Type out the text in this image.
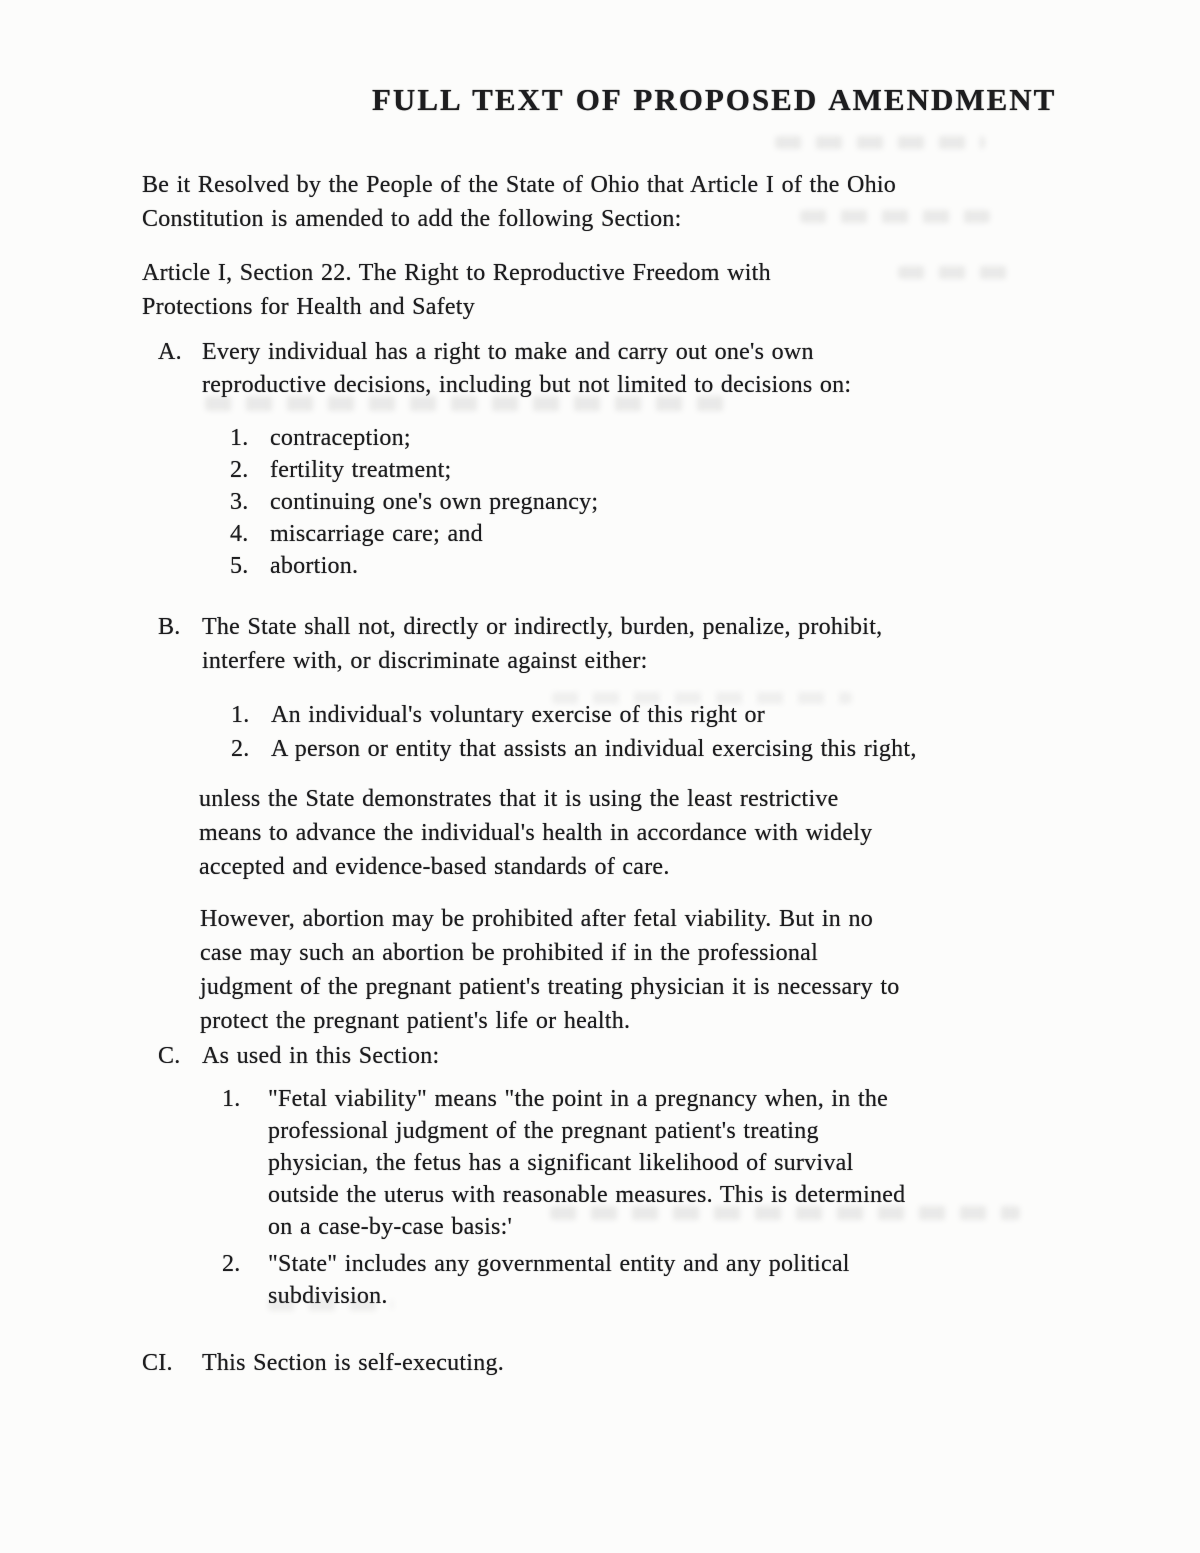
FULL TEXT OF PROPOSED AMENDMENT
Be it Resolved by the People of the State of Ohio that Article I of the Ohio
Constitution is amended to add the following Section:
Article I, Section 22. The Right to Reproductive Freedom with
Protections for Health and Safety
A. Every individual has a right to make and carry out one's own
reproductive decisions, including but not limited to decisions on:
1. contraception;
2. fertility treatment;
3. continuing one's own pregnancy;
4. miscarriage care; and
5. abortion.
B. The State shall not, directly or indirectly, burden, penalize, prohibit,
interfere with, or discriminate against either:
1. An individual's voluntary exercise of this right or
2. A person or entity that assists an individual exercising this right,
unless the State demonstrates that it is using the least restrictive
means to advance the individual's health in accordance with widely
accepted and evidence-based standards of care.
However, abortion may be prohibited after fetal viability. But in no
case may such an abortion be prohibited if in the professional
judgment of the pregnant patient's treating physician it is necessary to
protect the pregnant patient's life or health.
C. As used in this Section:
1.	"Fetal viability" means "the point in a pregnancy when, in the
professional judgment of the pregnant patient's treating
physician, the fetus has a significant likelihood of survival
outside the uterus with reasonable measures. This is determined
on a case-by-case basis:'
2.	"State" includes any governmental entity and any political
subdivision.
CI.	This Section is self-executing.
